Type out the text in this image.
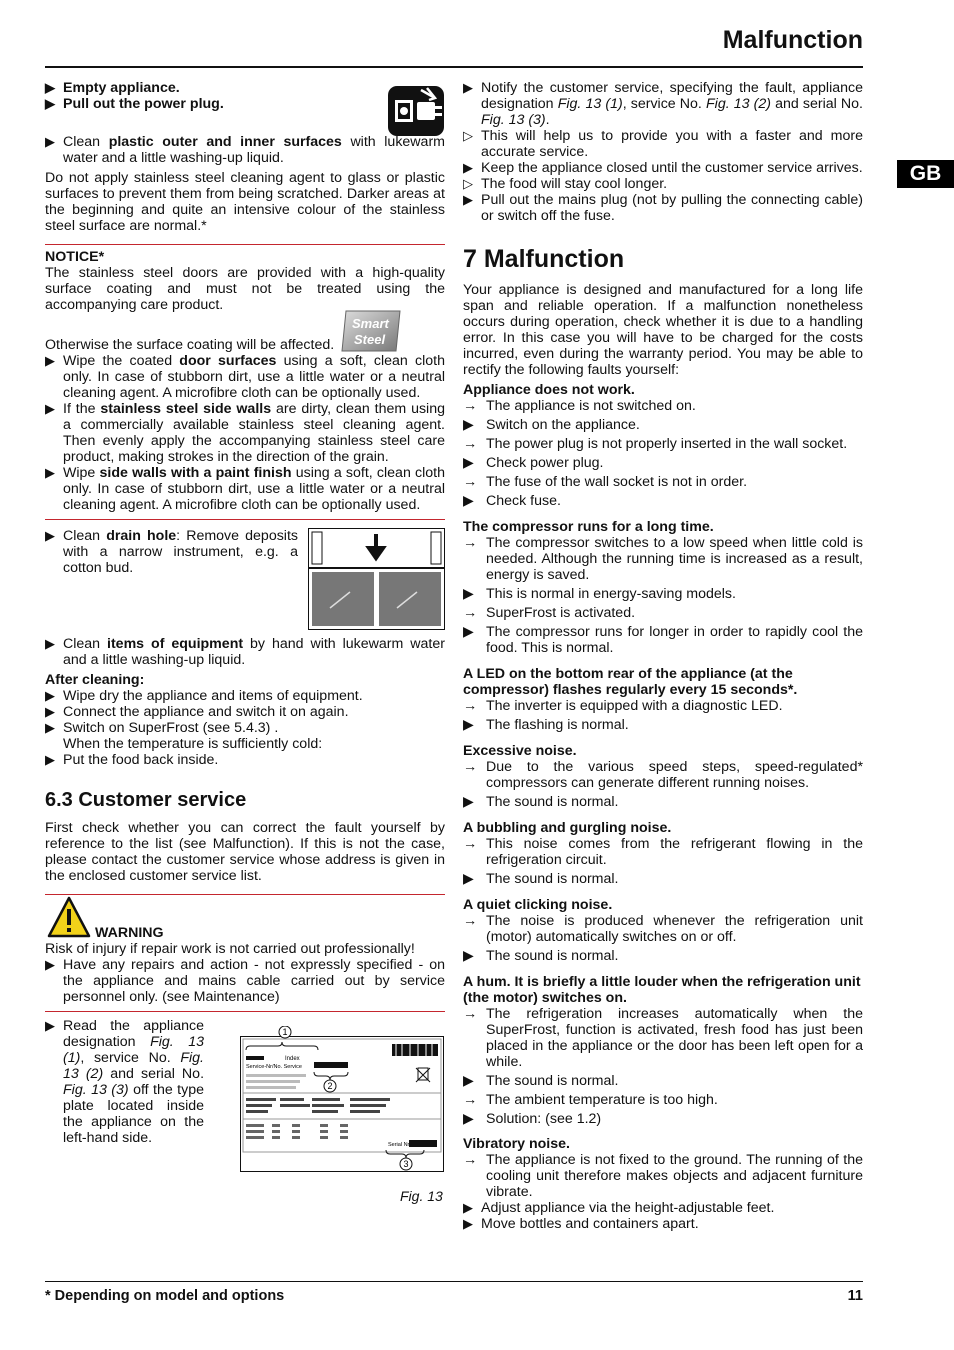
Malfunction
GB
▶ Empty appliance.
▶ Pull out the power plug.
▶ Clean plastic outer and inner surfaces with lukewarm water and a little washing-up liquid.

Do not apply stainless steel cleaning agent to glass or plastic surfaces to prevent them from being scratched. Darker areas at the beginning and quite an intensive colour of the stainless steel surface are normal.*

NOTICE*

The stainless steel doors are provided with a high-quality surface coating and must not be treated using the accompanying care product.

Otherwise the surface coating will be affected.
Smart
Steel
▶ Wipe the coated door surfaces using a soft, clean cloth only. In case of stubborn dirt, use a little water or a neutral cleaning agent. A microfibre cloth can be optionally used.
▶ If the stainless steel side walls are dirty, clean them using a commercially available stainless steel cleaning agent. Then evenly apply the accompanying stainless steel care product, making strokes in the direction of the grain.
▶ Wipe side walls with a paint finish using a soft, clean cloth only. In case of stubborn dirt, use a little water or a neutral cleaning agent. A microfibre cloth can be optionally used.
▶ Clean drain hole: Remove deposits with a narrow instrument, e.g. a cotton bud.
▶ Clean items of equipment by hand with lukewarm water and a little washing-up liquid.

After cleaning:

▶ Wipe dry the appliance and items of equipment.
▶ Connect the appliance and switch it on again.
▶ Switch on SuperFrost (see 5.4.3) .

When the temperature is sufficiently cold:

▶ Put the food back inside.

6.3 Customer service

First check whether you can correct the fault yourself by reference to the list (see Malfunction). If this is not the case, please contact the customer service whose address is given in the enclosed customer service list.

WARNING

Risk of injury if repair work is not carried out professionally!

▶ Have any repairs and action - not expressly specified - on the appliance and mains cable carried out by service personnel only. (see Maintenance)
▶ Read the appliance designation Fig. 13 (1), service No. Fig. 13 (2) and serial No. Fig. 13 (3) off the type plate located inside the appliance on the left-hand side.
Index
Service-Nr/No. Service
Serial Nr
1
2
3
Fig. 13
▶ Notify the customer service, specifying the fault, appliance designation Fig. 13 (1), service No. Fig. 13 (2) and serial No. Fig. 13 (3).
▷ This will help us to provide you with a faster and more accurate service.
▶ Keep the appliance closed until the customer service arrives.
▷ The food will stay cool longer.
▶ Pull out the mains plug (not by pulling the connecting cable) or switch off the fuse.

7 Malfunction

Your appliance is designed and manufactured for a long life span and reliable operation. If a malfunction nonetheless occurs during operation, check whether it is due to a handling error. In this case you will have to be charged for the costs incurred, even during the warranty period. You may be able to rectify the following faults yourself:

Appliance does not work.

→ The appliance is not switched on.
▶ Switch on the appliance.
→ The power plug is not properly inserted in the wall socket.
▶ Check power plug.
→ The fuse of the wall socket is not in order.
▶ Check fuse.

The compressor runs for a long time.

→ The compressor switches to a low speed when little cold is needed. Although the running time is increased as a result, energy is saved.
▶ This is normal in energy-saving models.
→ SuperFrost is activated.
▶ The compressor runs for longer in order to rapidly cool the food. This is normal.

A LED on the bottom rear of the appliance (at the compressor) flashes regularly every 15 seconds*.

→ The inverter is equipped with a diagnostic LED.
▶ The flashing is normal.

Excessive noise.

→ Due to the various speed steps, speed-regulated* compressors can generate different running noises.
▶ The sound is normal.

A bubbling and gurgling noise.

→ This noise comes from the refrigerant flowing in the refrigeration circuit.
▶ The sound is normal.

A quiet clicking noise.

→ The noise is produced whenever the refrigeration unit (motor) automatically switches on or off.
▶ The sound is normal.

A hum. It is briefly a little louder when the refrigeration unit (the motor) switches on.

→ The refrigeration increases automatically when the SuperFrost, function is activated, fresh food has just been placed in the appliance or the door has been left open for a while.
▶ The sound is normal.
→ The ambient temperature is too high.
▶ Solution: (see 1.2)

Vibratory noise.

→ The appliance is not fixed to the ground. The running of the cooling unit therefore makes objects and adjacent furniture vibrate.
▶ Adjust appliance via the height-adjustable feet.
▶ Move bottles and containers apart.
* Depending on model and options	11
